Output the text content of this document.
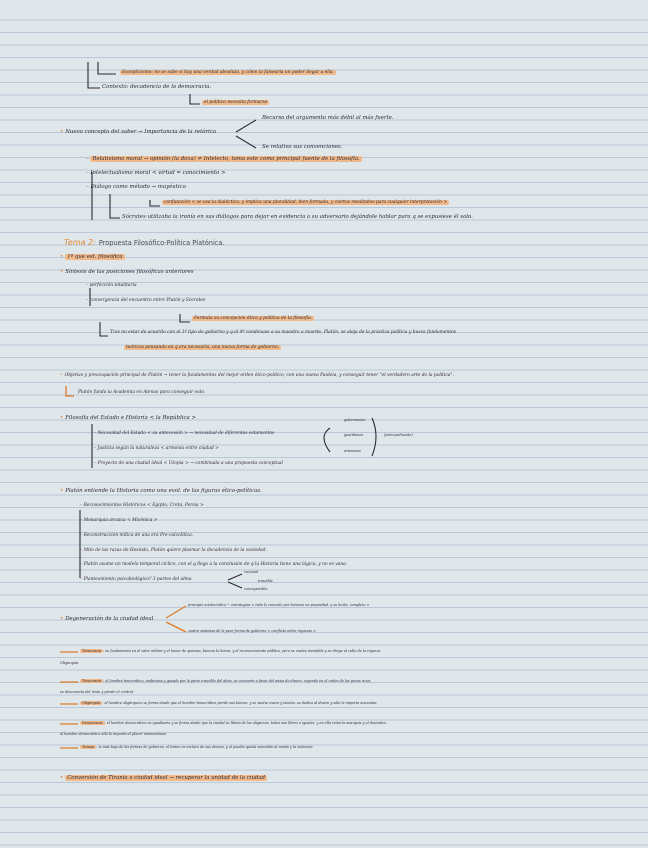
Escepticismo: no se sabe si hay una verdad absoluta, y cómo la falsearía un poder llegar a ella.
Contexto: decadencia de la democracia.
el político necesita formarse
• Nuevo concepto del saber → Importancia de la retórica
Recurso del argumento más débil al más fuerte.
Se relativo sus convenciones.
– Relativismo moral → opinión (la doxa) ≠ Intelecto, toma este como principal fuente de la filosofía.
– Intelectualismo moral < virtud = conocimiento >
– Diálogo como método → mayéutica
confutación < se usa la dialéctica, y implica una pluralidad, bien formada, y ciertos resultados para cualquier interpretación >
Sócrates utilizaba la ironía en sus diálogos para dejar en evidencia a su adversario dejándole hablar para q se expusiese él solo.
Tema 2: Propuesta Filosófico-Política Platónica.
• 1º que est. filosófica
• Síntesis de las posiciones filosóficas anteriores
– perfección totalitaria
– convergencia del encuentro entre Platón y Sócrates
Formula su concepción ética y política de la filosofía.
Tras no estar de acuerdo con el 1º tipo de gobierno y q el 4º condenase a su maestro a muerte, Platón, se aleja de la práctica política y busca fundamentos
teóricos pensando en q era necesaria, una nueva forma de gobierno.
• Objetivo y preocupación principal de Platón → tener la fundamentos del mejor orden ético-político, con una nueva Paideia, y conseguir tener "el verdadero arte de la política".
Platón funda la Academia en Atenas para conseguir esto.
• Filosofía del Estado e Historia < la República >
– Necesidad del Estado < su antecesión > → necesidad de diferentes estamentos
– Justicia según la naturaleza < armonía entre ciudad >
– Proyecto de una ciudad ideal < Utopía > → combinada a una propuesta conceptual
gobernantes
guardianes
artesanos
(principalmente)
• Platón entiende la Historia como una evol. de las figuras ético-políticas.
– Reconocimientos Históricos < Egipto, Creta, Persia >
– Monarquía arcaica < Micénica >
– Reconstrucción mítica de una era Pre-calcolítica.
– Mito de las razas de Hesíodo, Platón quiere plasmar la decadencia de la sociedad.
– Platón asume un modelo temporal cíclico, con el q llega a la conclusión de q la Historia tiene una lógica, y no es vana.
– Planteamiento psicobiológico? 3 partes del alma
racional
irascible
concupiscible
principio aristocrático ← estrategias < todo lo concede por honores en propiedad, y su lucha, completo >
• Degeneración de la ciudad ideal
cuatro sistemas de la peor forma de gobierno < conflicto entre riquezas >
Timocracia : se fundamenta en el valor militar y el honor de quienes, buscan la honra, y el reconocimiento público, pero se vuelve inestable y se dirige al culto de la riqueza.
Oligarquía.
Timocracia : el hombre timocrático, ambicioso y guiado por la parte irascible del alma, se convierte a favor del ansia de dinero, cayendo en el orden de los pocos ricos.
se desconecta del resto y pierde el control.
Oligarquía : el hombre oligárquico se forma desde que el hombre timocrático pierde sus bienes, y se vuelve avaro y tacaño, se dedica al dinero y sólo le importa acumular.
Democracia : el hombre democrático es igualitario y se forma desde que la ciudad se libera de los oligarcas, todos son libres e iguales, y en ella reina la anarquía y el desorden.
al hombre democrático sólo le importa el placer momentáneo.
Tiranía : la más baja de las formas de gobierno, el tirano es esclavo de sus deseos, y el pueblo queda sometido al miedo y la violencia.
• Conversión de Tiranía a ciudad ideal → recuperar la unidad de la ciudad
